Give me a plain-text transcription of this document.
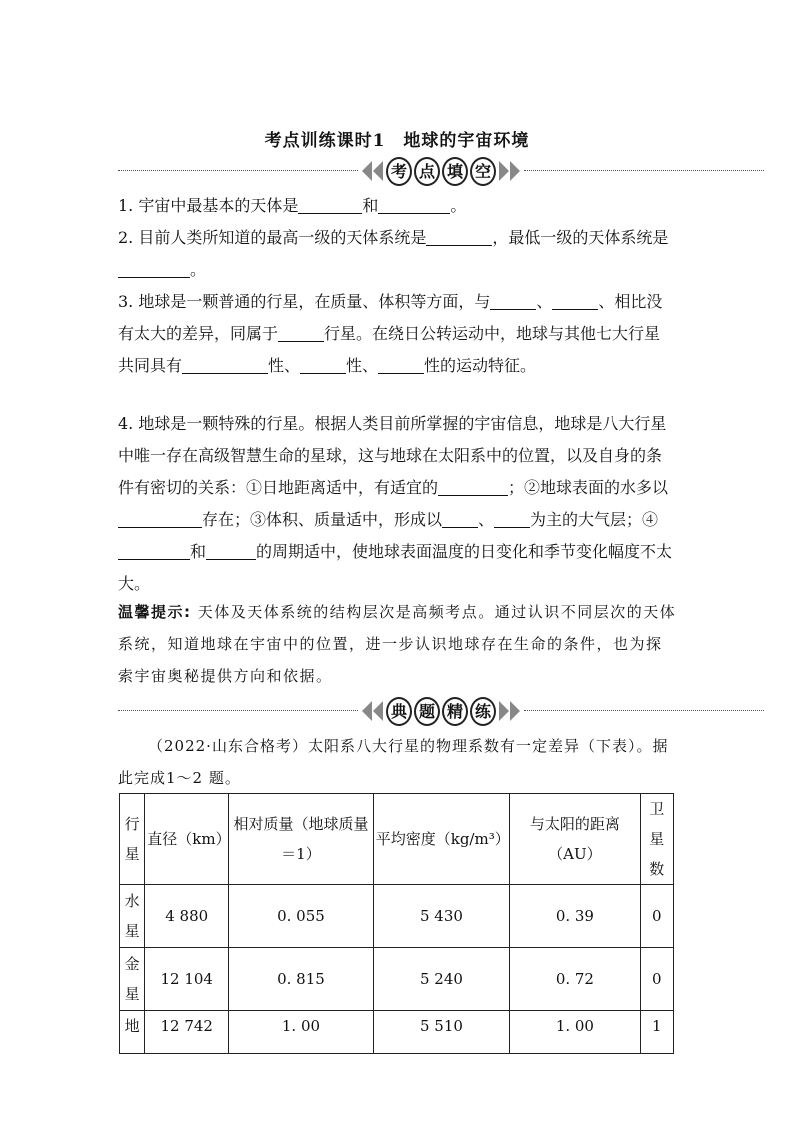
考点训练课时1　地球的宇宙环境
考 点 填 空

1. 宇宙中最基本的天体是	和	。

2. 目前人类所知道的最高一级的天体系统是	，最低一级的天体系统是。

3. 地球是一颗普通的行星，在质量、体积等方面，与	、	、相比没有太大的差异，同属于	行星。在绕日公转运动中，地球与其他七大行星共同具有	性、	性、	性的运动特征。

4. 地球是一颗特殊的行星。根据人类目前所掌握的宇宙信息，地球是八大行星中唯一存在高级智慧生命的星球，这与地球在太阳系中的位置，以及自身的条件有密切的关系：①日地距离适中，有适宜的	；②地球表面的水多以存在；③体积、质量适中，形成以 、 为主的大气层；④和	的周期适中，使地球表面温度的日变化和季节变化幅度不太大。

温馨提示: 天体及天体系统的结构层次是高频考点。通过认识不同层次的天体系统，知道地球在宇宙中的位置，进一步认识地球存在生命的条件，也为探索宇宙奥秘提供方向和依据。

典 题 精 练

（2022·山东合格考）太阳系八大行星的物理系数有一定差异（下表）。据此完成1～2 题。

行星	直径（km）	相对质量（地球质量＝1）	平均密度（kg/m³）	与太阳的距离（AU）	卫星数
水星	4 880	0. 055	5 430	0. 39	0
金星	12 104	0. 815	5 240	0. 72	0
地	12 742	1. 00	5 510	1. 00	1
